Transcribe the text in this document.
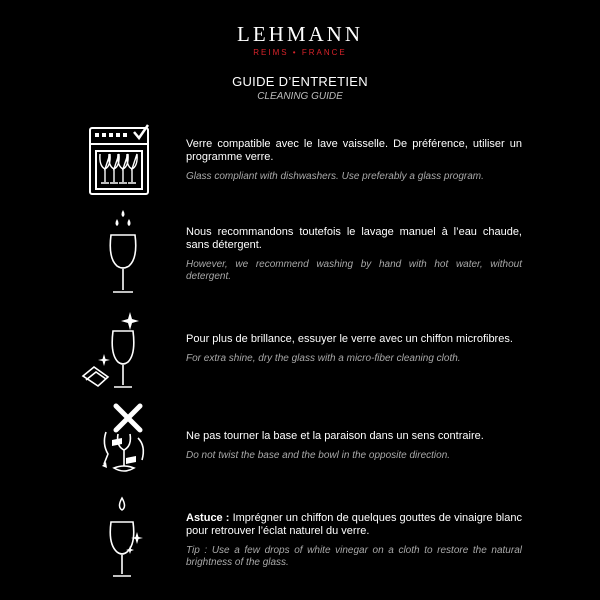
LEHMANN
REIMS • FRANCE
GUIDE D’ENTRETIEN
CLEANING GUIDE

Verre compatible avec le lave vaisselle. De préférence, utiliser un programme verre.

Glass compliant with dishwashers. Use preferably a glass program.

Nous recommandons toutefois le lavage manuel à l’eau chaude, sans détergent.

However, we recommend washing by hand with hot water, without detergent.

Pour plus de brillance, essuyer le verre avec un chiffon microfibres.

For extra shine, dry the glass with a micro-fiber cleaning cloth.

Ne pas tourner la base et la paraison dans un sens contraire.

Do not twist the base and the bowl in the opposite direction.

Astuce : Imprégner un chiffon de quelques gouttes de vinaigre blanc pour retrouver l’éclat naturel du verre.

Tip : Use a few drops of white vinegar on a cloth to restore the natural brightness of the glass.
